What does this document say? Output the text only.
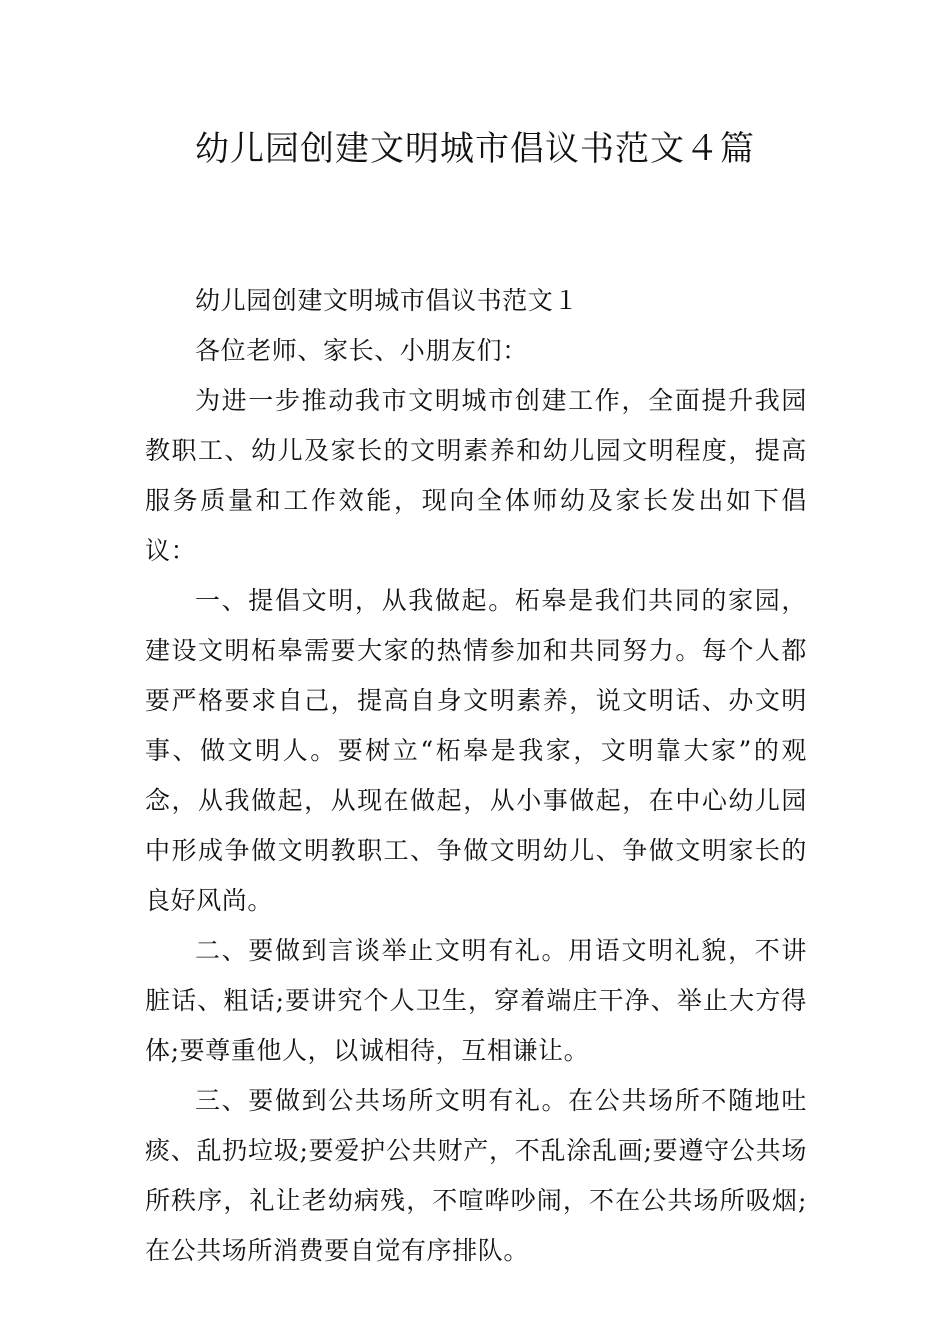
幼儿园创建文明城市倡议书范文４篇

幼儿园创建文明城市倡议书范文１

各位老师、家长、小朋友们：

为进一步推动我市文明城市创建工作，全面提升我园教职工、幼儿及家长的文明素养和幼儿园文明程度，提高服务质量和工作效能，现向全体师幼及家长发出如下倡议：

一、提倡文明，从我做起。柘皋是我们共同的家园，建设文明柘皋需要大家的热情参加和共同努力。每个人都要严格要求自己，提高自身文明素养，说文明话、办文明事、做文明人。要树立“柘皋是我家，文明靠大家”的观念，从我做起，从现在做起，从小事做起，在中心幼儿园中形成争做文明教职工、争做文明幼儿、争做文明家长的良好风尚。

二、要做到言谈举止文明有礼。用语文明礼貌，不讲脏话、粗话;要讲究个人卫生，穿着端庄干净、举止大方得体;要尊重他人，以诚相待，互相谦让。

三、要做到公共场所文明有礼。在公共场所不随地吐痰、乱扔垃圾;要爱护公共财产，不乱涂乱画;要遵守公共场所秩序，礼让老幼病残，不喧哗吵闹，不在公共场所吸烟;在公共场所消费要自觉有序排队。
